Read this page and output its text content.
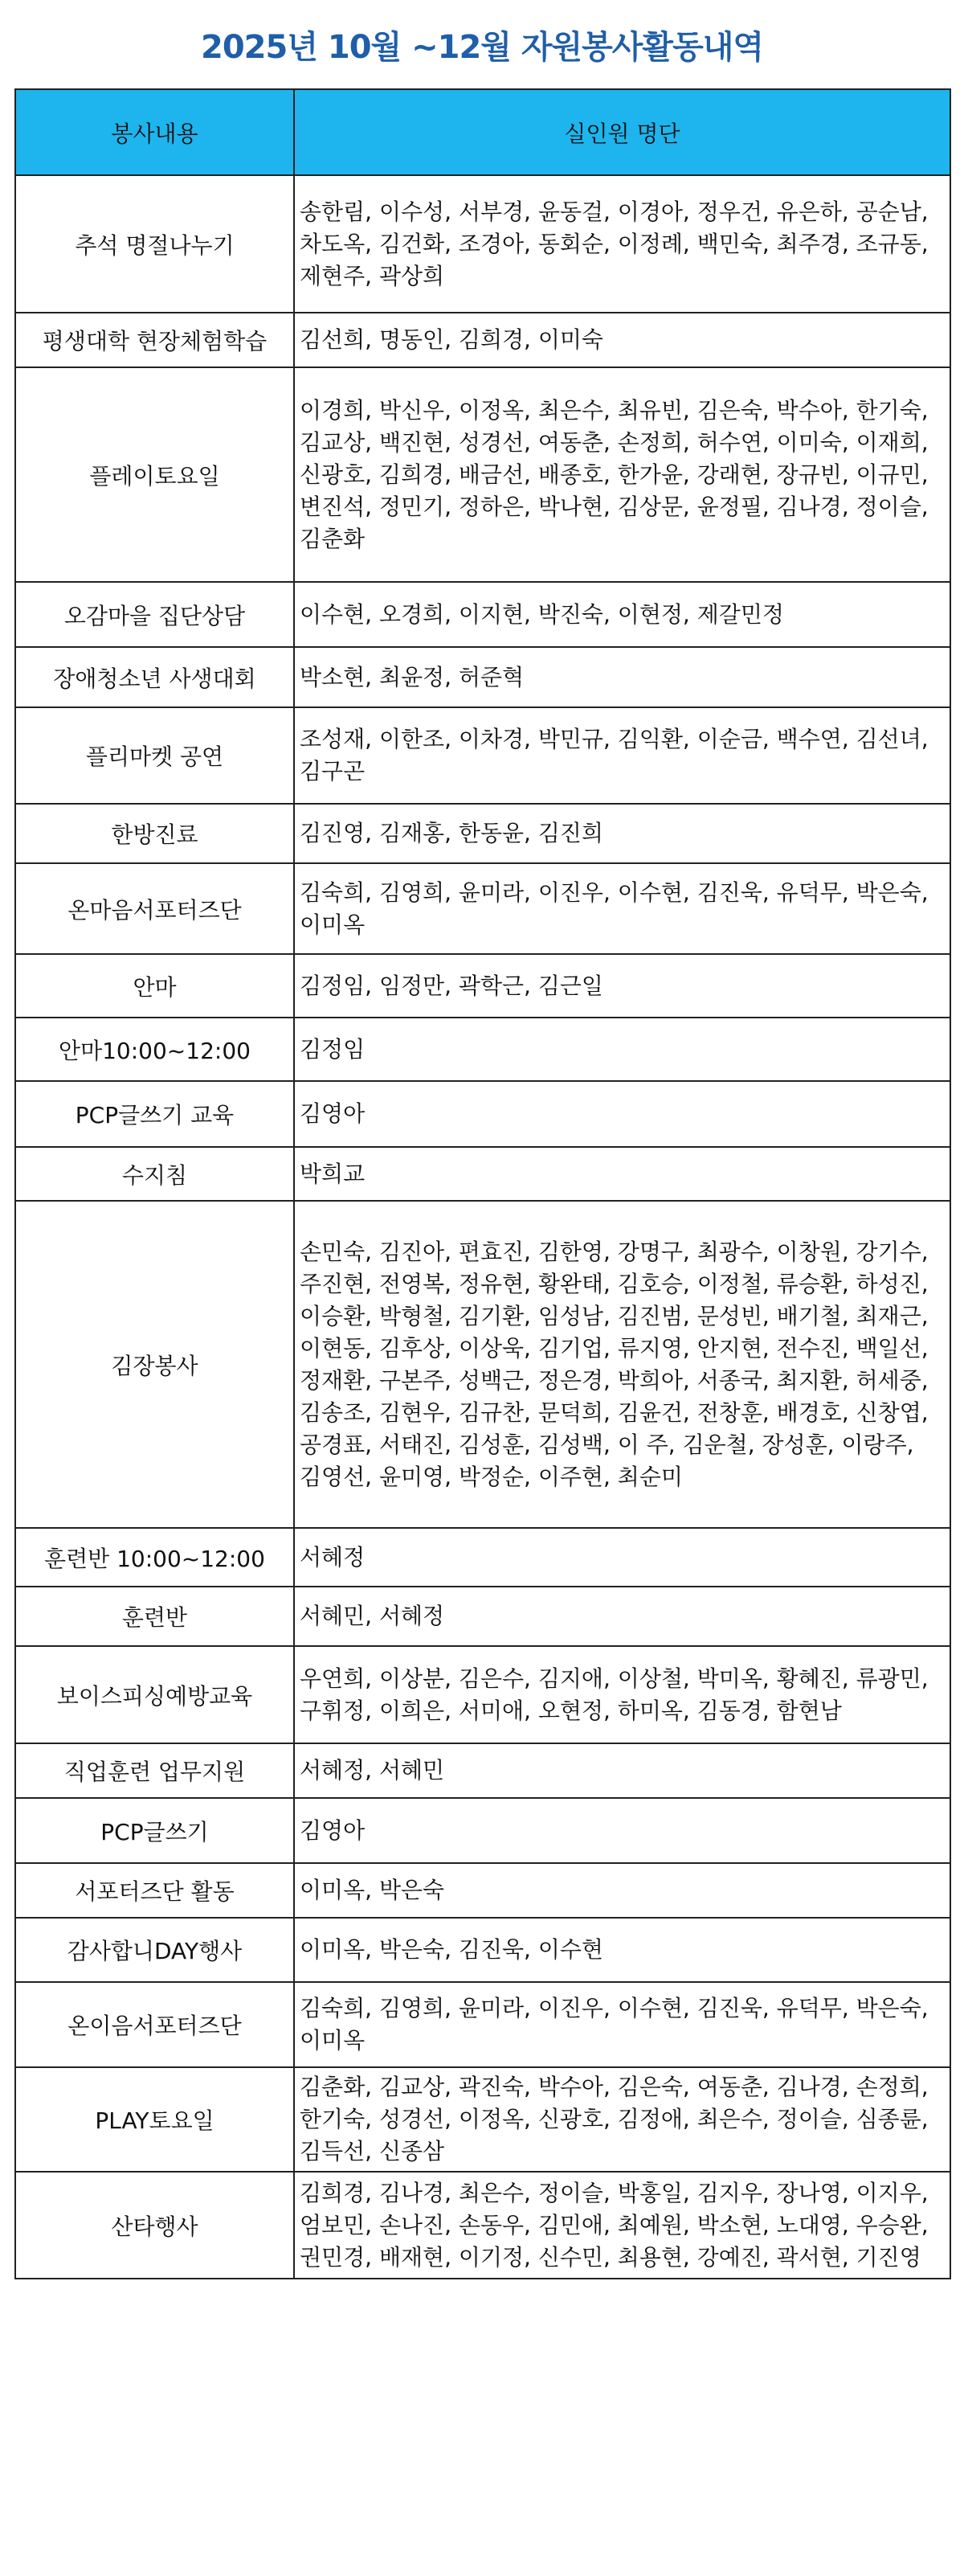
2025년 10월 ~12월 자원봉사활동내역
봉사내용	실인원 명단
추석 명절나누기	송한림, 이수성, 서부경, 윤동걸, 이경아, 정우건, 유은하, 공순남, 차도옥, 김건화, 조경아, 동회순, 이정례, 백민숙, 최주경, 조규동, 제현주, 곽상희
평생대학 현장체험학습	김선희, 명동인, 김희경, 이미숙
플레이토요일	이경희, 박신우, 이정옥, 최은수, 최유빈, 김은숙, 박수아, 한기숙, 김교상, 백진현, 성경선, 여동춘, 손정희, 허수연, 이미숙, 이재희, 신광호, 김희경, 배금선, 배종호, 한가윤, 강래현, 장규빈, 이규민, 변진석, 정민기, 정하은, 박나현, 김상문, 윤정필, 김나경, 정이슬, 김춘화
오감마을 집단상담	이수현, 오경희, 이지현, 박진숙, 이현정, 제갈민정
장애청소년 사생대회	박소현, 최윤정, 허준혁
플리마켓 공연	조성재, 이한조, 이차경, 박민규, 김익환, 이순금, 백수연, 김선녀, 김구곤
한방진료	김진영, 김재홍, 한동윤, 김진희
온마음서포터즈단	김숙희, 김영희, 윤미라, 이진우, 이수현, 김진욱, 유덕무, 박은숙, 이미옥
안마	김정임, 임정만, 곽학근, 김근일
안마10:00~12:00	김정임
PCP글쓰기 교육	김영아
수지침	박희교
김장봉사	손민숙, 김진아, 편효진, 김한영, 강명구, 최광수, 이창원, 강기수, 주진현, 전영복, 정유현, 황완태, 김호승, 이정철, 류승환, 하성진, 이승환, 박형철, 김기환, 임성남, 김진범, 문성빈, 배기철, 최재근, 이현동, 김후상, 이상욱, 김기업, 류지영, 안지현, 전수진, 백일선, 정재환, 구본주, 성백근, 정은경, 박희아, 서종국, 최지환, 허세중, 김송조, 김현우, 김규찬, 문덕희, 김윤건, 전창훈, 배경호, 신창엽, 공경표, 서태진, 김성훈, 김성백, 이 주, 김운철, 장성훈, 이랑주, 김영선, 윤미영, 박정순, 이주현, 최순미
훈련반 10:00~12:00	서혜정
훈련반	서혜민, 서혜정
보이스피싱예방교육	우연희, 이상분, 김은수, 김지애, 이상철, 박미옥, 황혜진, 류광민, 구휘정, 이희은, 서미애, 오현정, 하미옥, 김동경, 함현남
직업훈련 업무지원	서혜정, 서혜민
PCP글쓰기	김영아
서포터즈단 활동	이미옥, 박은숙
감사합니DAY행사	이미옥, 박은숙, 김진욱, 이수현
온이음서포터즈단	김숙희, 김영희, 윤미라, 이진우, 이수현, 김진욱, 유덕무, 박은숙, 이미옥
PLAY토요일	김춘화, 김교상, 곽진숙, 박수아, 김은숙, 여동춘, 김나경, 손정희, 한기숙, 성경선, 이정옥, 신광호, 김정애, 최은수, 정이슬, 심종륜, 김득선, 신종삼
산타행사	김희경, 김나경, 최은수, 정이슬, 박홍일, 김지우, 장나영, 이지우, 엄보민, 손나진, 손동우, 김민애, 최예원, 박소현, 노대영, 우승완, 권민경, 배재현, 이기정, 신수민, 최용현, 강예진, 곽서현, 기진영
